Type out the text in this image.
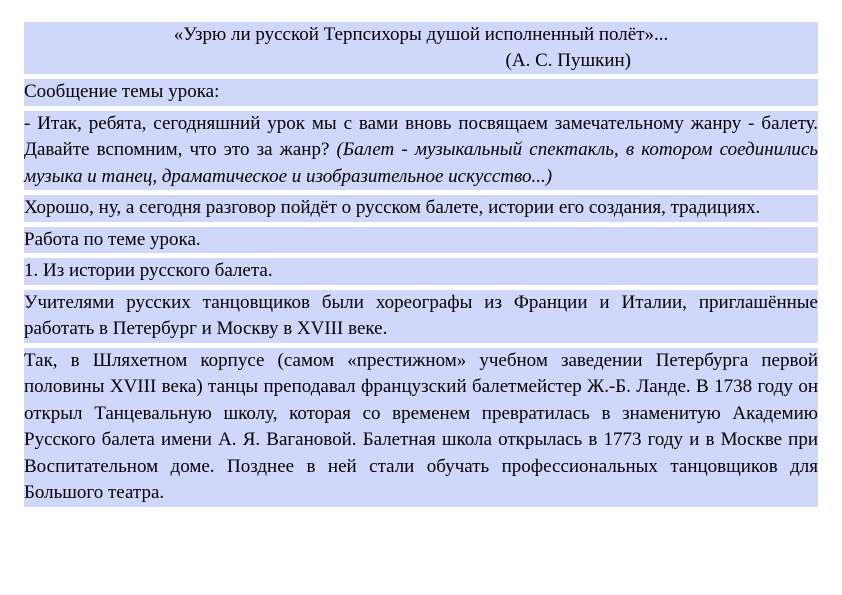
«Узрю ли русской Терпсихоры душой исполненный полёт»...
(А. С. Пушкин)

Сообщение темы урока:

- Итак, ребята, сегодняшний урок мы с вами вновь посвящаем замечательному жанру - балету. Давайте вспомним, что это за жанр? (Балет - музыкальный спектакль, в котором соединились музыка и танец, драматическое и изобразительное искусство...)

Хорошо, ну, а сегодня разговор пойдёт о русском балете, истории его создания, традициях.

Работа по теме урока.

1. Из истории русского балета.

Учителями русских танцовщиков были хореографы из Франции и Италии, приглашённые работать в Петербург и Москву в XVIII веке.

Так, в Шляхетном корпусе (самом «престижном» учебном заведении Петербурга первой половины XVIII века) танцы преподавал французский балетмейстер Ж.-Б. Ланде. В 1738 году он открыл Танцевальную школу, которая со временем превратилась в знаменитую Академию Русского балета имени А. Я. Вагановой. Балетная школа открылась в 1773 году и в Москве при Воспитательном доме. Позднее в ней стали обучать профессиональных танцовщиков для Большого театра.
